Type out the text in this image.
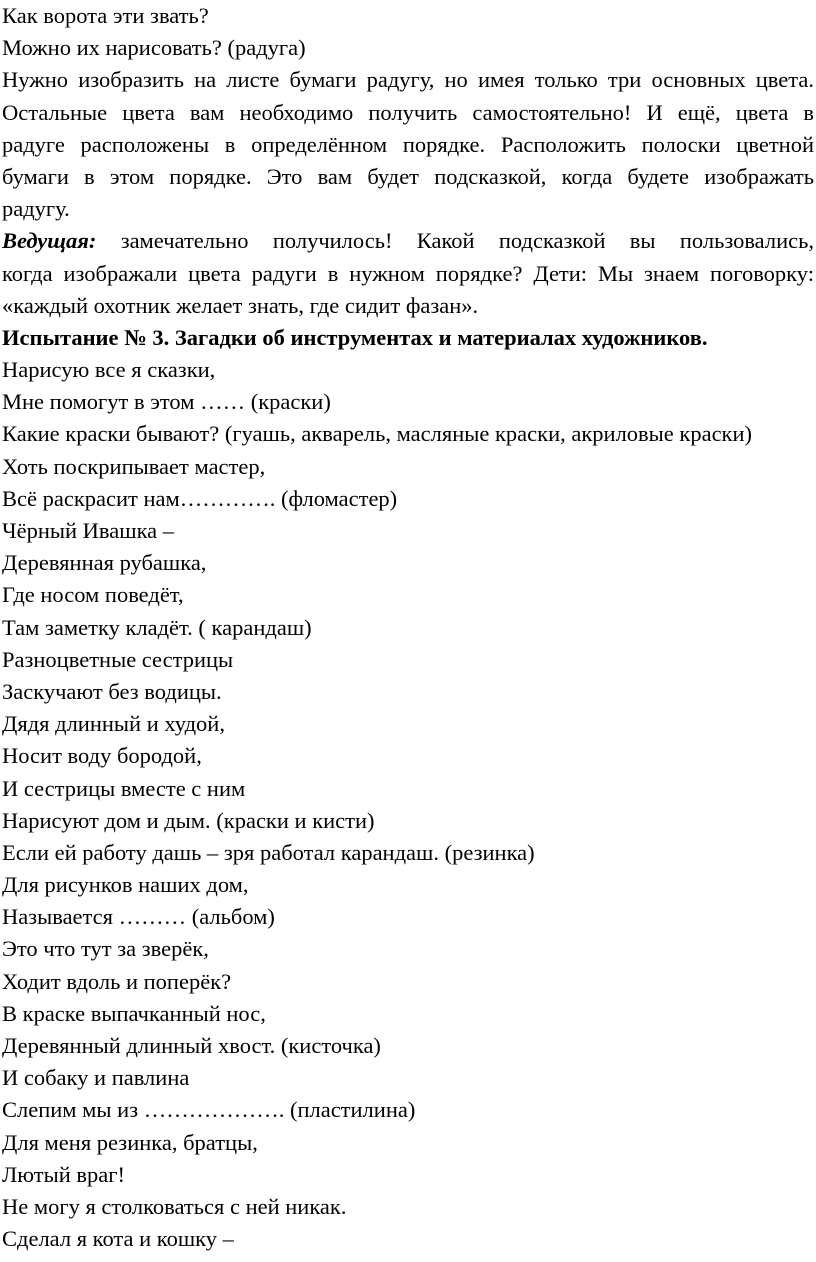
Как ворота эти звать?
Можно их нарисовать? (радуга)
Нужно изобразить на листе бумаги радугу, но имея только три основных цвета.
Остальные цвета вам необходимо получить самостоятельно! И ещё, цвета в
радуге расположены в определённом порядке. Расположить полоски цветной
бумаги в этом порядке. Это вам будет подсказкой, когда будете изображать
радугу.
Ведущая: замечательно получилось! Какой подсказкой вы пользовались,
когда изображали цвета радуги в нужном порядке? Дети: Мы знаем поговорку:
«каждый охотник желает знать, где сидит фазан».
Испытание № 3. Загадки об инструментах и материалах художников.
Нарисую все я сказки,
Мне помогут в этом …… (краски)
Какие краски бывают? (гуашь, акварель, масляные краски, акриловые краски)
Хоть поскрипывает мастер,
Всё раскрасит нам…………. (фломастер)
Чёрный Ивашка –
Деревянная рубашка,
Где носом поведёт,
Там заметку кладёт. ( карандаш)
Разноцветные сестрицы
Заскучают без водицы.
Дядя длинный и худой,
Носит воду бородой,
И сестрицы вместе с ним
Нарисуют дом и дым. (краски и кисти)
Если ей работу дашь – зря работал карандаш. (резинка)
Для рисунков наших дом,
Называется ……… (альбом)
Это что тут за зверёк,
Ходит вдоль и поперёк?
В краске выпачканный нос,
Деревянный длинный хвост. (кисточка)
И собаку и павлина
Слепим мы из ………………. (пластилина)
Для меня резинка, братцы,
Лютый враг!
Не могу я столковаться с ней никак.
Сделал я кота и кошку –
